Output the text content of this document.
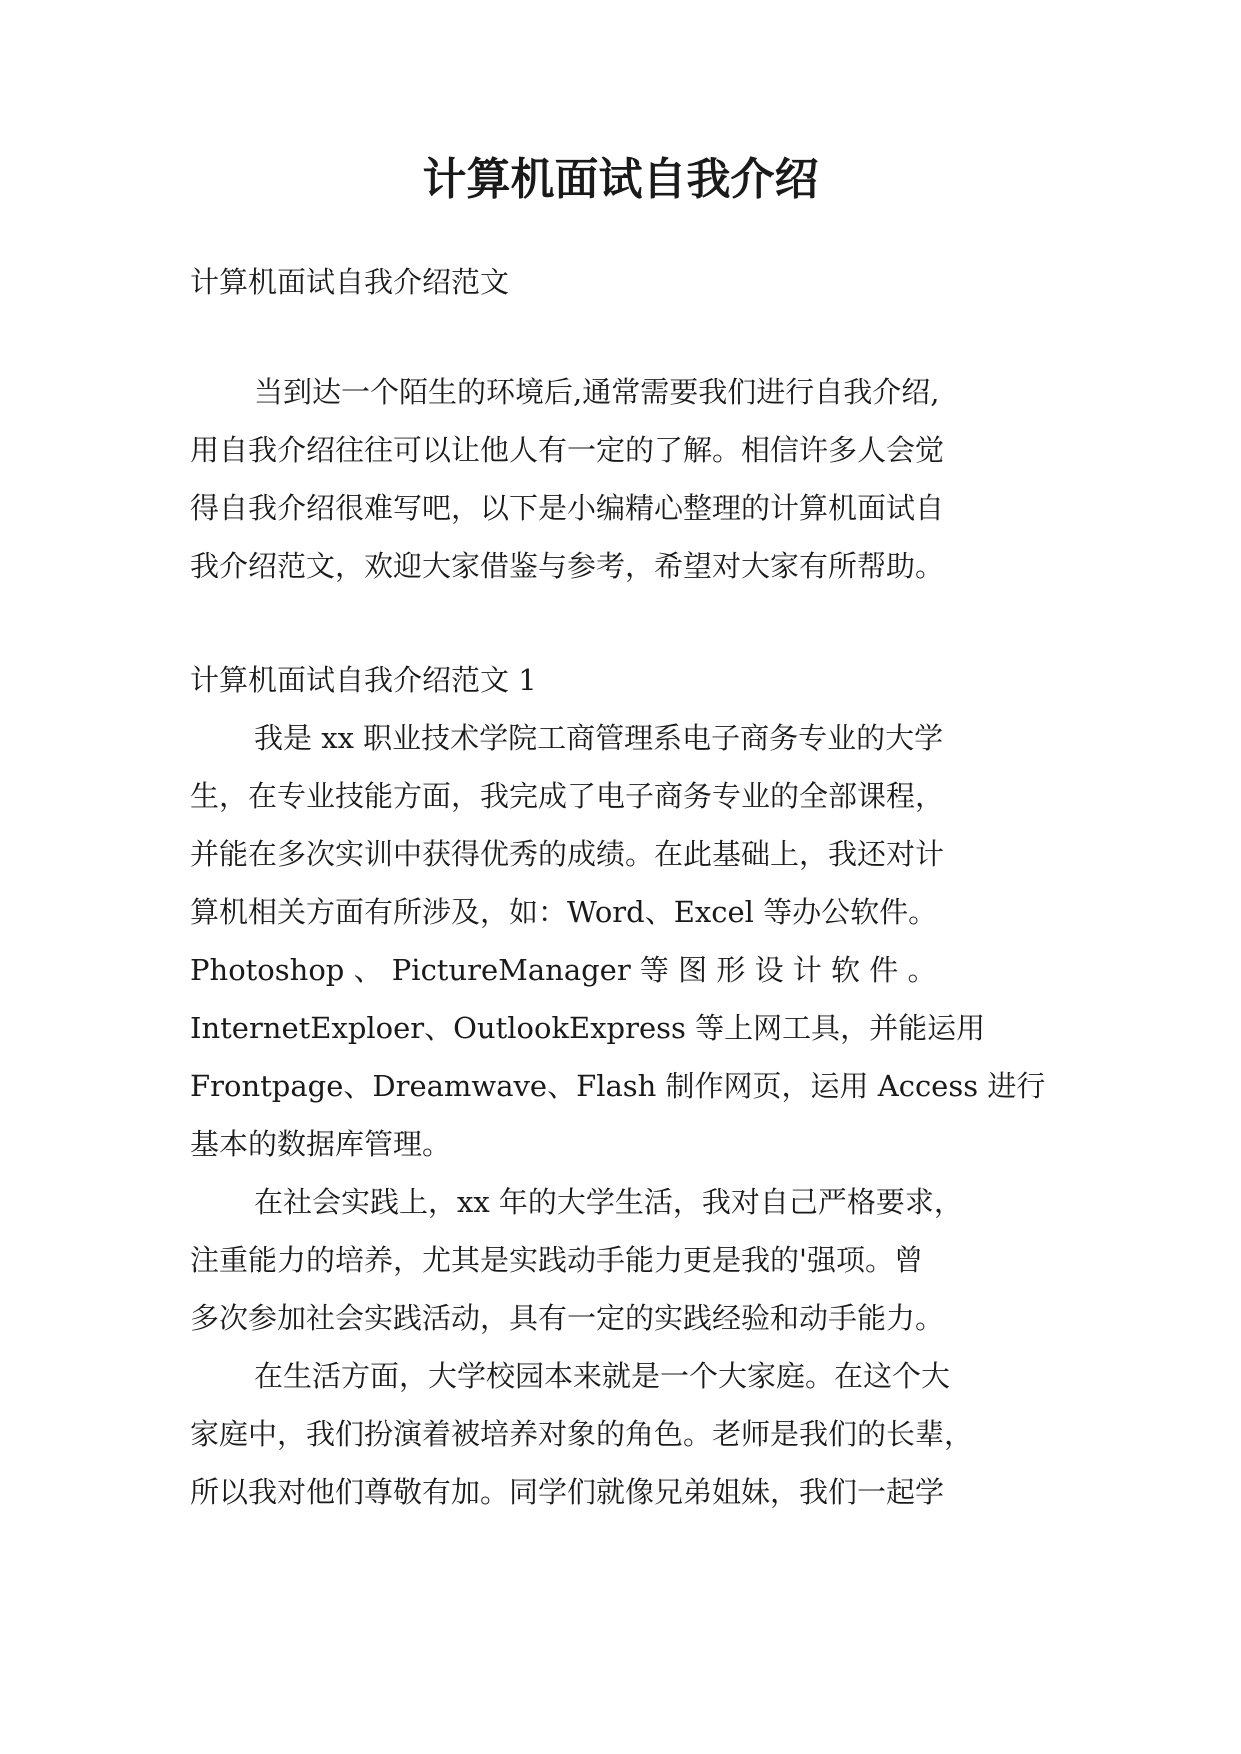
计算机面试自我介绍

计算机面试自我介绍范文

当到达一个陌生的环境后,通常需要我们进行自我介绍,

用自我介绍往往可以让他人有一定的了解。相信许多人会觉

得自我介绍很难写吧，以下是小编精心整理的计算机面试自

我介绍范文，欢迎大家借鉴与参考，希望对大家有所帮助。

计算机面试自我介绍范文 1

我是 xx 职业技术学院工商管理系电子商务专业的大学

生，在专业技能方面，我完成了电子商务专业的全部课程，

并能在多次实训中获得优秀的成绩。在此基础上，我还对计

算机相关方面有所涉及，如：Word、Excel 等办公软件。

Photoshop 、 PictureManager 等 图 形 设 计 软 件 。

InternetExploer、OutlookExpress 等上网工具，并能运用

Frontpage、Dreamwave、Flash 制作网页，运用 Access 进行

基本的数据库管理。

在社会实践上，xx 年的大学生活，我对自己严格要求，

注重能力的培养，尤其是实践动手能力更是我的'强项。曾

多次参加社会实践活动，具有一定的实践经验和动手能力。

在生活方面，大学校园本来就是一个大家庭。在这个大

家庭中，我们扮演着被培养对象的角色。老师是我们的长辈，

所以我对他们尊敬有加。同学们就像兄弟姐妹，我们一起学
